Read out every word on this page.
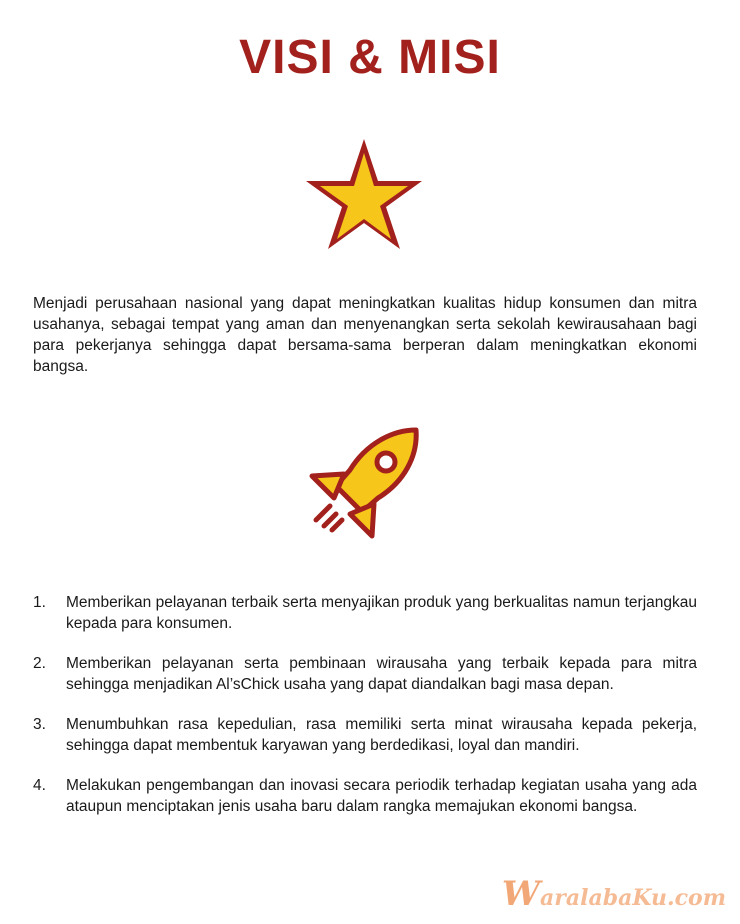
VISI & MISI
Menjadi perusahaan nasional yang dapat meningkatkan kualitas hidup konsumen dan mitra usahanya, sebagai tempat yang aman dan menyenangkan serta sekolah kewirausahaan bagi para pekerjanya sehingga dapat bersama-sama berperan dalam meningkatkan ekonomi bangsa.
1.	Memberikan pelayanan terbaik serta menyajikan produk yang berkualitas namun terjangkau kepada para konsumen.
2.	Memberikan pelayanan serta pembinaan wirausaha yang terbaik kepada para mitra sehingga menjadikan Al’sChick usaha yang dapat diandalkan bagi masa depan.
3.	Menumbuhkan rasa kepedulian, rasa memiliki serta minat wirausaha kepada pekerja, sehingga dapat membentuk karyawan yang berdedikasi, loyal dan mandiri.
4.	Melakukan pengembangan dan inovasi secara periodik terhadap kegiatan usaha yang ada ataupun menciptakan jenis usaha baru dalam rangka memajukan ekonomi bangsa.
WaralabaKu.com
